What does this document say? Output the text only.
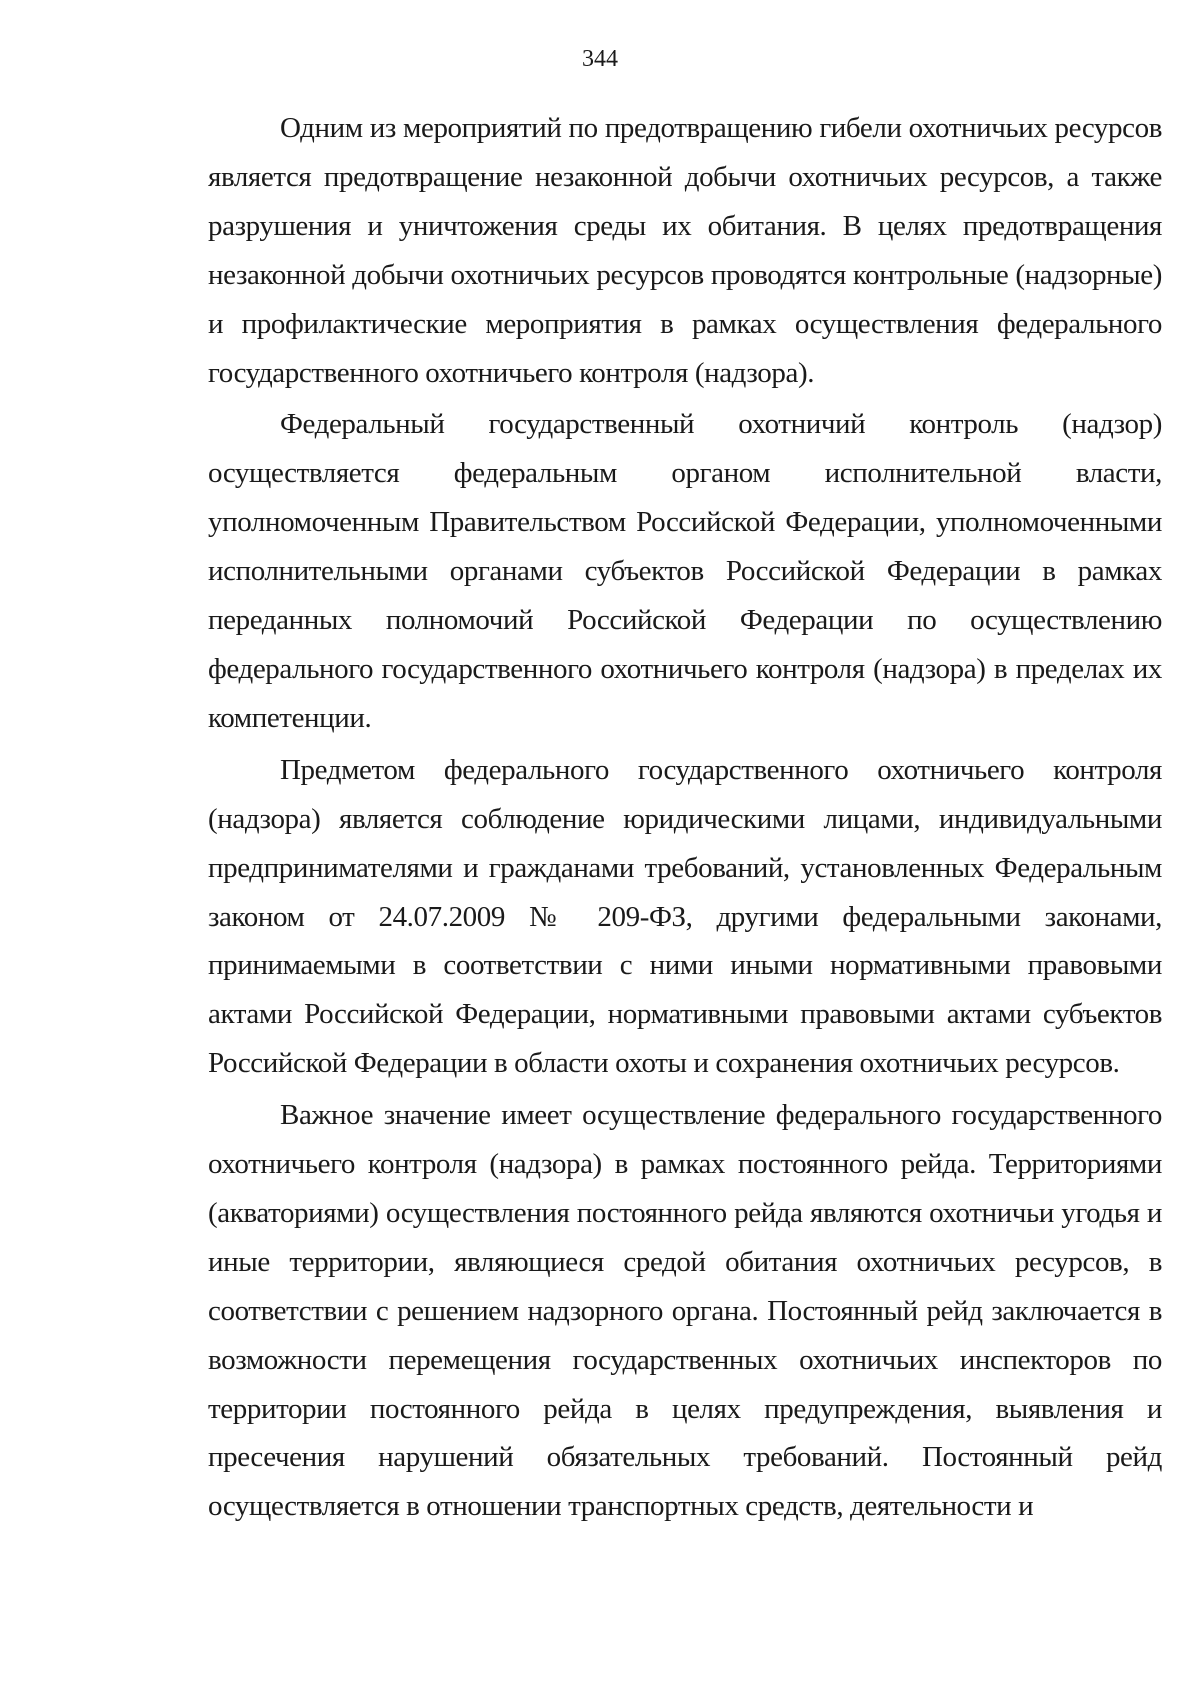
344

Одним из мероприятий по предотвращению гибели охотничьих ресурсов является предотвращение незаконной добычи охотничьих ресурсов, а также разрушения и уничтожения среды их обитания. В целях предотвращения незаконной добычи охотничьих ресурсов проводятся контрольные (надзорные) и профилактические мероприятия в рамках осуществления федерального государственного охотничьего контроля (надзора).

Федеральный государственный охотничий контроль (надзор) осуществляется федеральным органом исполнительной власти, уполномоченным Правительством Российской Федерации, уполномоченными исполнительными органами субъектов Российской Федерации в рамках переданных полномочий Российской Федерации по осуществлению федерального государственного охотничьего контроля (надзора) в пределах их компетенции.

Предметом федерального государственного охотничьего контроля (надзора) является соблюдение юридическими лицами, индивидуальными предпринимателями и гражданами требований, установленных Федеральным законом от 24.07.2009 № 209-ФЗ, другими федеральными законами, принимаемыми в соответствии с ними иными нормативными правовыми актами Российской Федерации, нормативными правовыми актами субъектов Российской Федерации в области охоты и сохранения охотничьих ресурсов.

Важное значение имеет осуществление федерального государственного охотничьего контроля (надзора) в рамках постоянного рейда. Территориями (акваториями) осуществления постоянного рейда являются охотничьи угодья и иные территории, являющиеся средой обитания охотничьих ресурсов, в соответствии с решением надзорного органа. Постоянный рейд заключается в возможности перемещения государственных охотничьих инспекторов по территории постоянного рейда в целях предупреждения, выявления и пресечения нарушений обязательных требований. Постоянный рейд осуществляется в отношении транспортных средств, деятельности и
